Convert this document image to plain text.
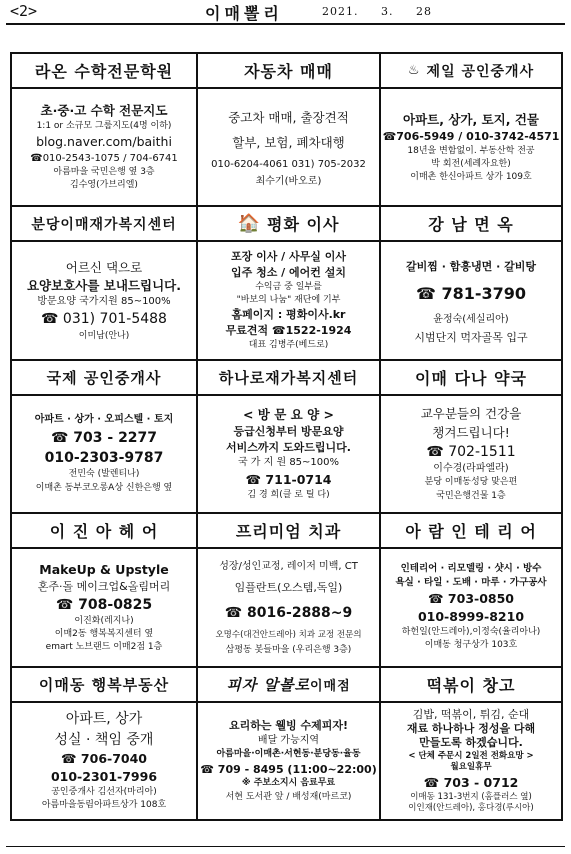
<2>	이매뽈리	2021. 3. 28
라온 수학전문학원
초·중·고 수학 전문지도
1:1 or 소규모 그룹지도(4명 이하)
blog.naver.com/baithi
☎010-2543-1075 / 704-6741
아름마을 국민은행 옆 3층
김수영(가브리엘)
자동차 매매
중고차 매매, 출장견적
할부, 보험, 폐차대행
010-6204-4061 031) 705-2032
최수기(바오로)
♨ 제일 공인중개사
아파트, 상가, 토지, 건물
☎706-5949 / 010-3742-4571
18년을 변함없이. 부동산학 전공
박 회전(세례자요한)
이매촌 한신아파트 상가 109호
분당이매재가복지센터
어르신 댁으로
요양보호사를 보내드립니다.
방문요양 국가지원 85~100%
☎ 031) 701-5488
이미남(안나)
🏠 평화 이사
포장 이사 / 사무실 이사
입주 청소 / 에어컨 설치
수익금 중 일부를
"바보의 나눔" 재단에 기부
홈페이지 : 평화이사.kr
무료견적 ☎1522-1924
대표 김병주(베드로)
강 남 면 옥
갈비찜 · 함흥냉면 · 갈비탕
☎ 781-3790
윤정숙(세실리아)
시범단지 먹자골목 입구
국제 공인중개사
아파트 · 상가 · 오피스텔 · 토지
☎ 703 - 2277
010-2303-9787
전민숙 (발렌티나)
이매촌 동부코오롱A상 신한은행 옆
하나로재가복지센터
< 방 문 요 양 >
등급신청부터 방문요양
서비스까지 도와드립니다.
국 가 지 원 85~100%
☎ 711-0714
김 경 희(클 로 틸 다)
이매 다나 약국
교우분들의 건강을
챙겨드립니다!
☎ 702-1511
이수경(라파엘라)
분당 이매동성당 맞은편
국민은행건물 1층
이 진 아 헤 어
MakeUp & Upstyle
혼주·돌 메이크업&올림머리
☎ 708-0825
이진화(레지나)
이매2동 행복복지센터 옆
emart 노브랜드 이매2점 1층
프리미엄 치과
성장/성인교정, 레이저 미백, CT
임플란트(오스템,독일)
☎ 8016-2888~9
오명수(대건안드레아) 치과 교정 전문의
삼평동 봇들마을 (우리은행 3층)
아 람 인 테 리 어
인테리어 · 리모델링 · 샷시 · 방수
욕실 · 타일 · 도배 · 마루 · 가구공사
☎ 703-0850
010-8999-8210
하헌일(안드레아),이정숙(율리아나)
이매동 청구상가 103호
이매동 행복부동산
아파트, 상가
성실 · 책임 중개
☎ 706-7040
010-2301-7996
공인중개사 김선자(마리아)
아름마을동림아파트상가 108호
피자 알볼로 이매점
요리하는 웰빙 수제피자!
배달 가능지역
아름마을·이매촌·서현동·분당동·율동
☎ 709 - 8495 (11:00~22:00)
※ 주보소지시 음료무료
서현 도서관 앞 / 배성재(마르코)
떡볶이 창고
김밥, 떡볶이, 튀김, 순대
재료 하나하나 정성을 다해
만들도록 하겠습니다.
< 단체 주문시 2일전 전화요망 >
월요일휴무
☎ 703 - 0712
이매동 131-3번지 (홈플러스 옆)
이인재(안드레아), 홍다경(루시아)
